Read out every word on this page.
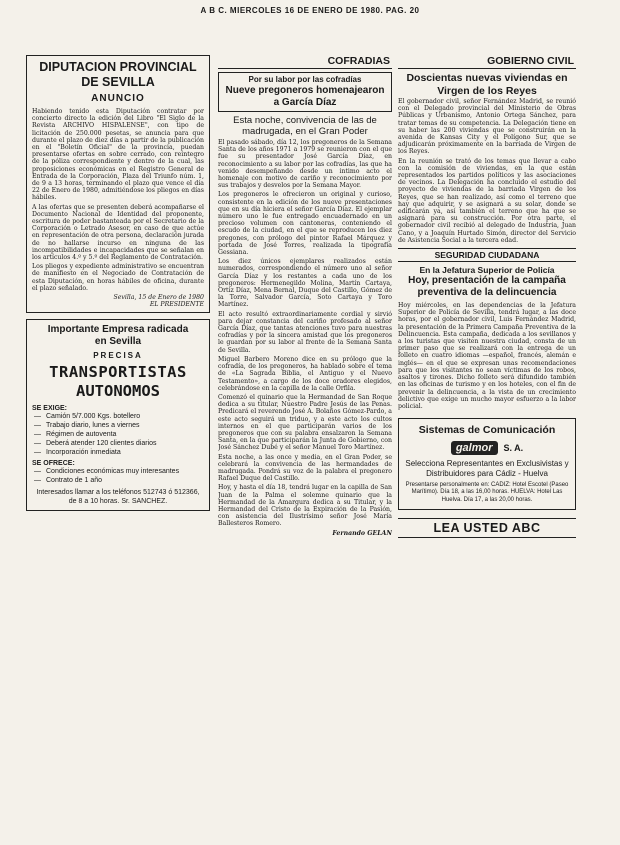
A B C. MIERCOLES 16 DE ENERO DE 1980. PAG. 20
DIPUTACION PROVINCIAL
DE SEVILLA
ANUNCIO

Habiendo tenido esta Diputación contratar por concierto directo la edición del Libro "El Siglo de la Revista ARCHIVO HISPALENSE", con tipo de licitación de 250.000 pesetas, se anuncia para que durante el plazo de diez días a partir de la publicación en el "Boletín Oficial" de la provincia, puedan presentarse ofertas en sobre cerrado, con reintegro de la póliza correspondiente y dentro de la cual, las proposiciones económicas en el Registro General de Entrada de la Corporación, Plaza del Triunfo núm. 1, de 9 a 13 horas, terminando el plazo que vence el día 22 de Enero de 1980, admitiéndose los pliegos en días hábiles.

A las ofertas que se presenten deberá acompañarse el Documento Nacional de Identidad del proponente, escritura de poder bastanteada por el Secretario de la Corporación o Letrado Asesor, en caso de que actúe en representación de otra persona, declaración jurada de no hallarse incurso en ninguna de las incompatibilidades e incapacidades que se señalan en los artículos 4.º y 5.º del Reglamento de Contratación.

Los pliegos y expediente administrativo se encuentran de manifiesto en el Negociado de Contratación de esta Diputación, en horas hábiles de oficina, durante el plazo señalado.

Sevilla, 15 de Enero de 1980
EL PRESIDENTE
Importante Empresa radicada
en Sevilla
PRECISA
TRANSPORTISTAS
AUTONOMOS
SE EXIGE:
— Camión 5/7.000 Kgs. botellero
— Trabajo diario, lunes a viernes
— Régimen de autoventa
— Deberá atender 120 clientes diarios
— Incorporación inmediata
SE OFRECE:
— Condiciones económicas muy interesantes
— Contrato de 1 año
Interesados llamar a los teléfonos 512743 ó 512366, de 8 a 10 horas. Sr. SANCHEZ.
COFRADIAS
Por su labor por las cofradías
Nueve pregoneros homenajearon a García Díaz
Esta noche, convivencia de las de madrugada, en el Gran Poder

El pasado sábado, día 12, los pregoneros de la Semana Santa de los años 1971 a 1979 se reunieron con el que fue su presentador José García Díaz, en reconocimiento a su labor por las cofradías, las que ha venido desempeñando desde un intimo acto el homenaje con motivo de cariño y reconocimiento por sus trabajos y desvelos por la Semana Mayor.

Los pregoneros le ofrecieron un original y curioso, consistente en la edición de los nueve presentaciones que en su día hiciera el señor García Díaz. El ejemplar número uno le fue entregado encuadernado en un precioso volumen con cantoneras, conteniendo el escudo de la ciudad, en el que se reproducen los diez pregones, con prólogo del pintor Rafael Márquez y portada de José Torres, realizada la tipografía Gessiana.

Los diez únicos ejemplares realizados están numerados, correspondiendo el número uno al señor García Díaz y los restantes a cada uno de los pregoneros: Hermenegildo Molina, Martín Cartaya, Ortiz Díaz, Mena Bernal, Duque del Castillo, Gómez de la Torre, Salvador García, Soto Cartaya y Toro Martínez.

El acto resultó extraordinariamente cordial y sirvió para dejar constancia del cariño profesado al señor García Díaz, que tantas atenciones tuvo para nuestras cofradías y por la sincera amistad que los pregoneros le guardan por su labor al frente de la Semana Santa de Sevilla.

Miguel Barbero Moreno dice en su prólogo que la cofradía, de los pregoneros, ha hablado sobre el tema de «La Sagrada Biblia, el Antiguo y el Nuevo Testamento», a cargo de los doce oradores elegidos, celebrándose en la capilla de la calle Orfila.

Comenzó el quinario que la Hermandad de San Roque dedica a su titular, Nuestro Padre Jesús de las Penas. Predicará el reverendo José A. Bolaños Gómez-Pardo, a este acto seguirá un triduo, y a este acto los cultos internos en el que participarán varios de los pregoneros que con su palabra ensalzaron la Semana Santa, en la que participarán la Junta de Gobierno, con José Sánchez Dubé y el señor Manuel Toro Martínez.

Esta noche, a las once y media, en el Gran Poder, se celebrará la convivencia de las hermandades de madrugada. Pondrá su voz de la palabra el pregonero Rafael Duque del Castillo.

Hoy, y hasta el día 18, tendrá lugar en la capilla de San Juan de la Palma el solemne quinario que la Hermandad de la Amargura dedica a su Titular, y la Hermandad del Cristo de la Expiración de la Pasión, con asistencia del Ilustrísimo señor José María Ballesteros Romero.

Fernando GELAN
GOBIERNO CIVIL
Doscientas nuevas viviendas en Virgen de los Reyes

El gobernador civil, señor Fernández Madrid, se reunió con el Delegado provincial del Ministerio de Obras Públicas y Urbanismo, Antonio Ortega Sánchez, para tratar temas de su competencia. La Delegación tiene en su haber las 200 viviendas que se construirán en la avenida de Kansas City y el Polígono Sur, que se adjudicarán próximamente en la barriada de Virgen de los Reyes.

En la reunión se trató de los temas que llevar a cabo con la comisión de viviendas, en la que están representados los partidos políticos y las asociaciones de vecinos. La Delegación ha concluido el estudio del proyecto de viviendas de la barriada Virgen de los Reyes, que se han realizado, así como el terreno que hay que adquirir, y se asignará a su solar, donde se edificarán ya, así también el terreno que ha que se asignará para su construcción. Por otra parte, el gobernador civil recibió al delegado de Industria, Juan Cano, y a Joaquín Hurtado Simón, director del Servicio de Asistencia Social a la tercera edad.

SEGURIDAD CIUDADANA
En la Jefatura Superior de Policía
Hoy, presentación de la campaña preventiva de la delincuencia

Hoy miércoles, en las dependencias de la Jefatura Superior de Policía de Sevilla, tendrá lugar, a las doce horas, por el gobernador civil, Luis Fernández Madrid, la presentación de la Primera Campaña Preventiva de la Delincuencia. Esta campaña, dedicada a los sevillanos y a los turistas que visiten nuestra ciudad, consta de un primer paso que se realizará con la entrega de un folleto en cuatro idiomas —español, francés, alemán e inglés— en el que se expresan unas recomendaciones para que los visitantes no sean víctimas de los robos, asaltos y tirones. Dicho folleto será difundido también en las oficinas de turismo y en los hoteles, con el fin de prevenir la delincuencia, a la vista de un crecimiento delictivo que exige un mucho mayor esfuerzo a la labor policial.

Sistemas de Comunicación
galmor	S. A.
Selecciona Representantes en Exclusivistas y Distribuidores para Cádiz - Huelva
Presentarse personalmente en: CADIZ: Hotel Escotel (Paseo Marítimo). Día 18, a las 16,00 horas. HUELVA: Hotel Las Huelva. Día 17, a las 20,00 horas.
LEA USTED ABC
